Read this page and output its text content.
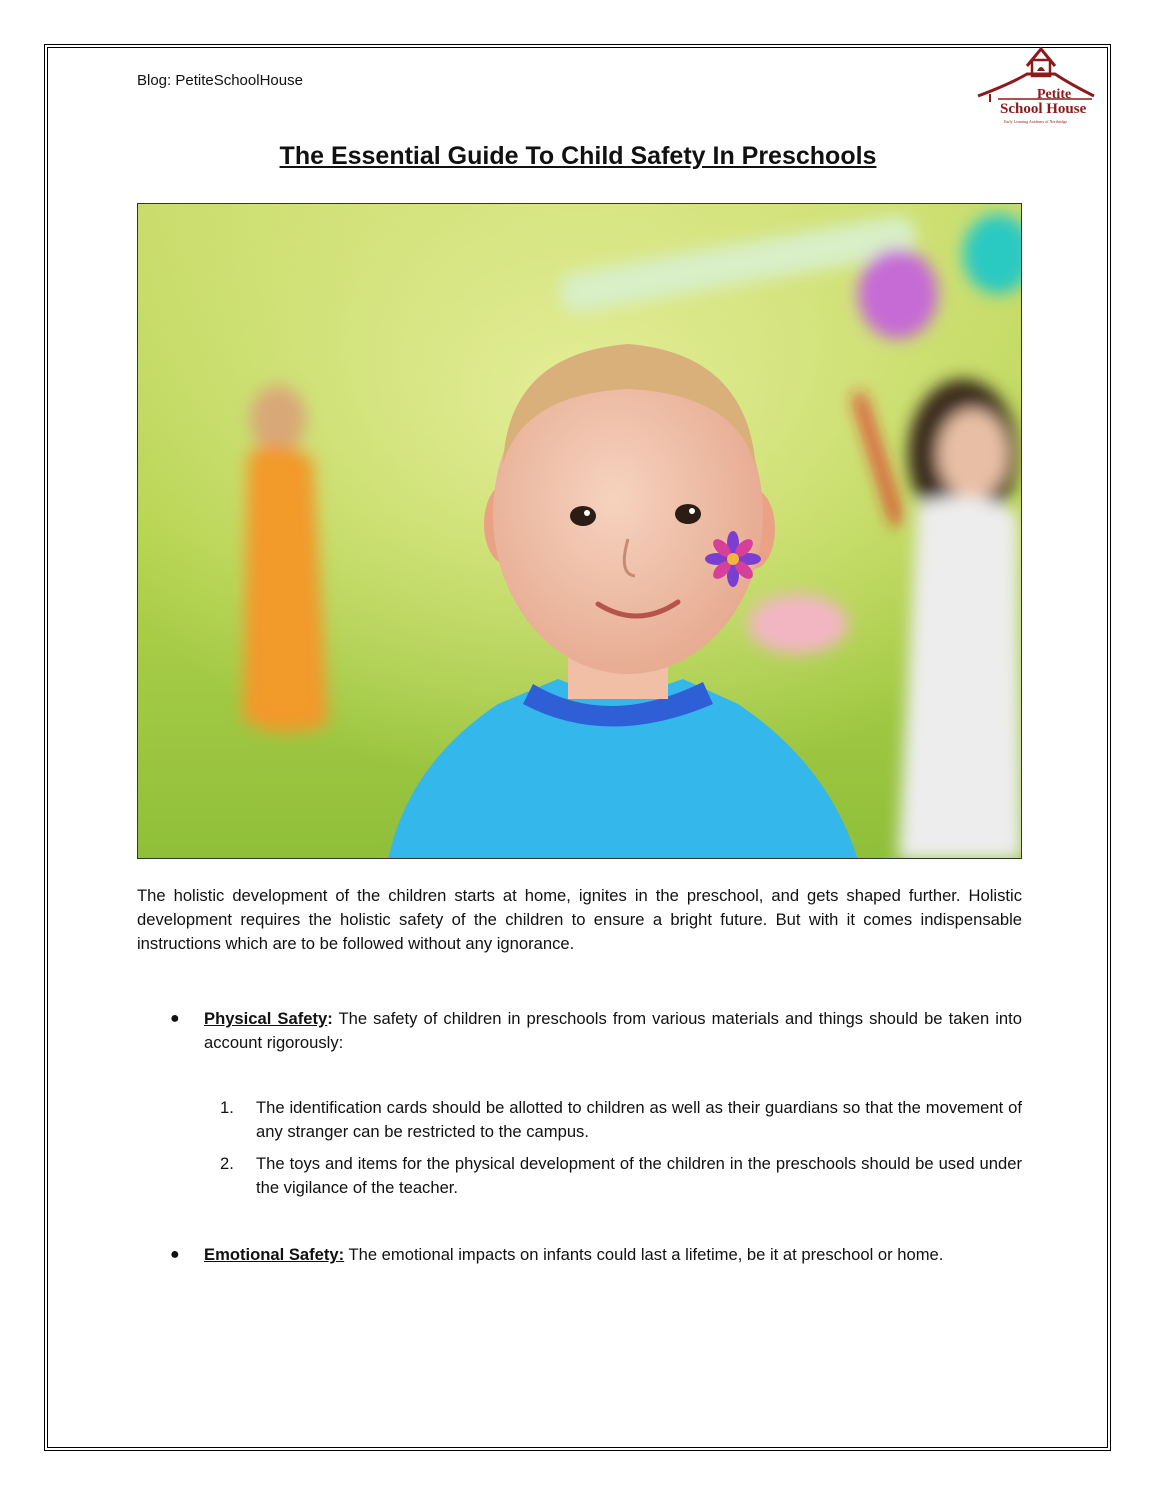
Blog: PetiteSchoolHouse
Petite
School House
Early Learning Academy of Northridge
The Essential Guide To Child Safety In Preschools

The holistic development of the children starts at home, ignites in the preschool, and gets shaped further. Holistic development requires the holistic safety of the children to ensure a bright future. But with it comes indispensable instructions which are to be followed without any ignorance.

● Physical Safety: The safety of children in preschools from various materials and things should be taken into account rigorously:

1. The identification cards should be allotted to children as well as their guardians so that the movement of any stranger can be restricted to the campus.

2. The toys and items for the physical development of the children in the preschools should be used under the vigilance of the teacher.

● Emotional Safety: The emotional impacts on infants could last a lifetime, be it at preschool or home.
